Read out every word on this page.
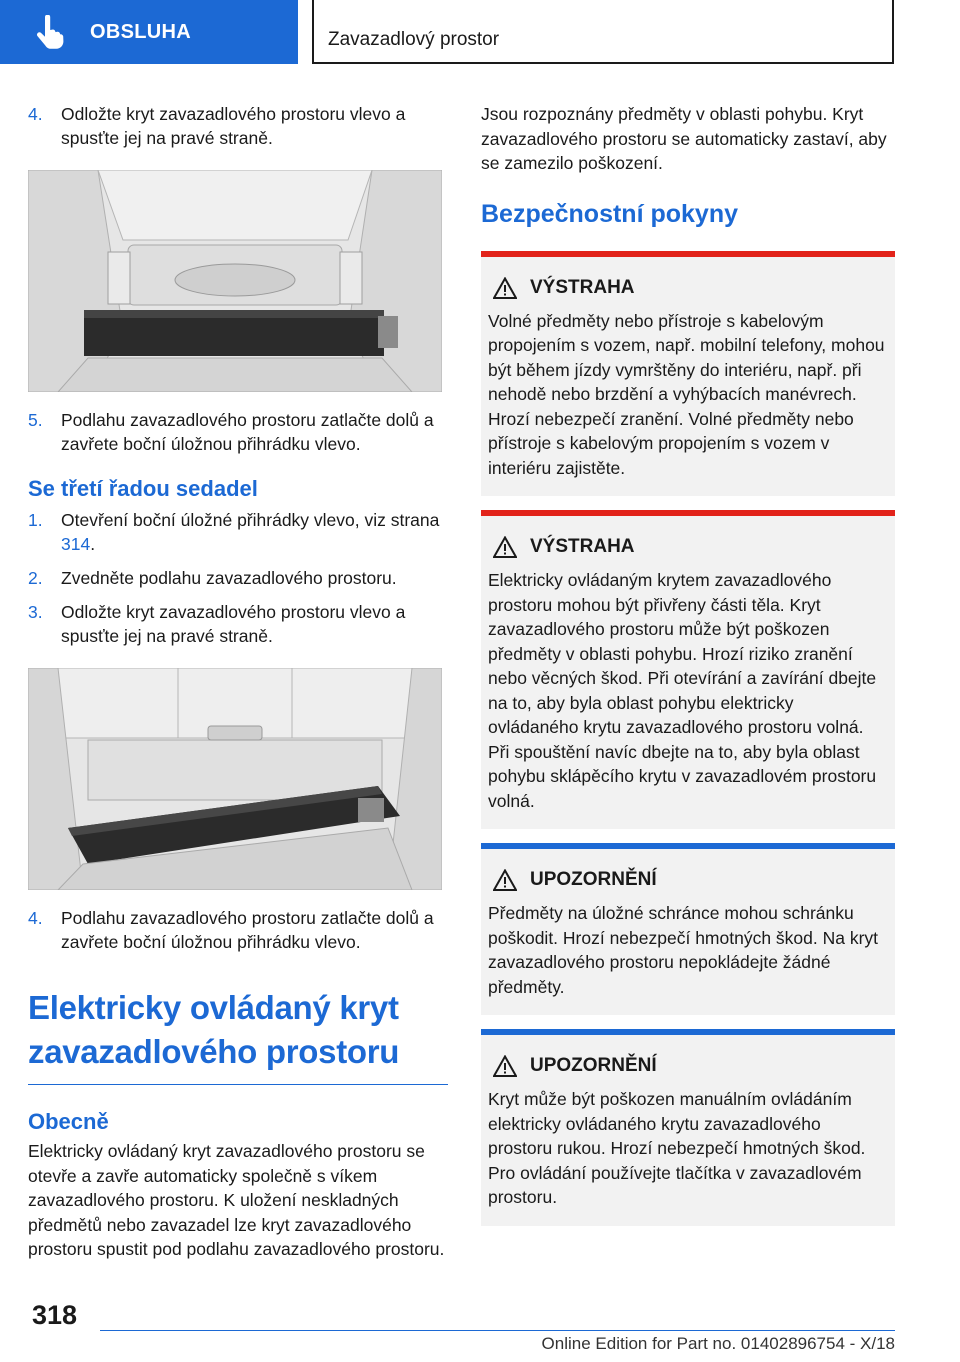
OBSLUHA	Zavazadlový prostor
4.	Odložte kryt zavazadlového prostoru vlevo a spusťte jej na pravé straně.
5.	Podlahu zavazadlového prostoru zatlačte dolů a zavřete boční úložnou přihrádku vlevo.
Se třetí řadou sedadel
1.	Otevření boční úložné přihrádky vlevo, viz strana 314.
2.	Zvedněte podlahu zavazadlového prostoru.
3.	Odložte kryt zavazadlového prostoru vlevo a spusťte jej na pravé straně.
4.	Podlahu zavazadlového prostoru zatlačte dolů a zavřete boční úložnou přihrádku vlevo.
Elektricky ovládaný kryt zavazadlového prostoru
Obecně
Elektricky ovládaný kryt zavazadlového prostoru se otevře a zavře automaticky společně s víkem zavazadlového prostoru. K uložení neskladných předmětů nebo zavazadel lze kryt zavazadlového prostoru spustit pod podlahu zavazadlového prostoru.
Jsou rozpoznány předměty v oblasti pohybu. Kryt zavazadlového prostoru se automaticky zastaví, aby se zamezilo poškození.
Bezpečnostní pokyny
VÝSTRAHA
Volné předměty nebo přístroje s kabelovým propojením s vozem, např. mobilní telefony, mohou být během jízdy vymrštěny do interiéru, např. při nehodě nebo brzdění a vyhýbacích manévrech. Hrozí nebezpečí zranění. Volné předměty nebo přístroje s kabelovým propojením s vozem v interiéru zajistěte.
VÝSTRAHA
Elektricky ovládaným krytem zavazadlového prostoru mohou být přivřeny části těla. Kryt zavazadlového prostoru může být poškozen předměty v oblasti pohybu. Hrozí riziko zranění nebo věcných škod. Při otevírání a zavírání dbejte na to, aby byla oblast pohybu elektricky ovládaného krytu zavazadlového prostoru volná. Při spouštění navíc dbejte na to, aby byla oblast pohybu sklápěcího krytu v zavazadlovém prostoru volná.
UPOZORNĚNÍ
Předměty na úložné schránce mohou schránku poškodit. Hrozí nebezpečí hmotných škod. Na kryt zavazadlového prostoru nepokládejte žádné předměty.
UPOZORNĚNÍ
Kryt může být poškozen manuálním ovládáním elektricky ovládaného krytu zavazadlového prostoru rukou. Hrozí nebezpečí hmotných škod. Pro ovládání používejte tlačítka v zavazadlovém prostoru.
318
Online Edition for Part no. 01402896754 - X/18
